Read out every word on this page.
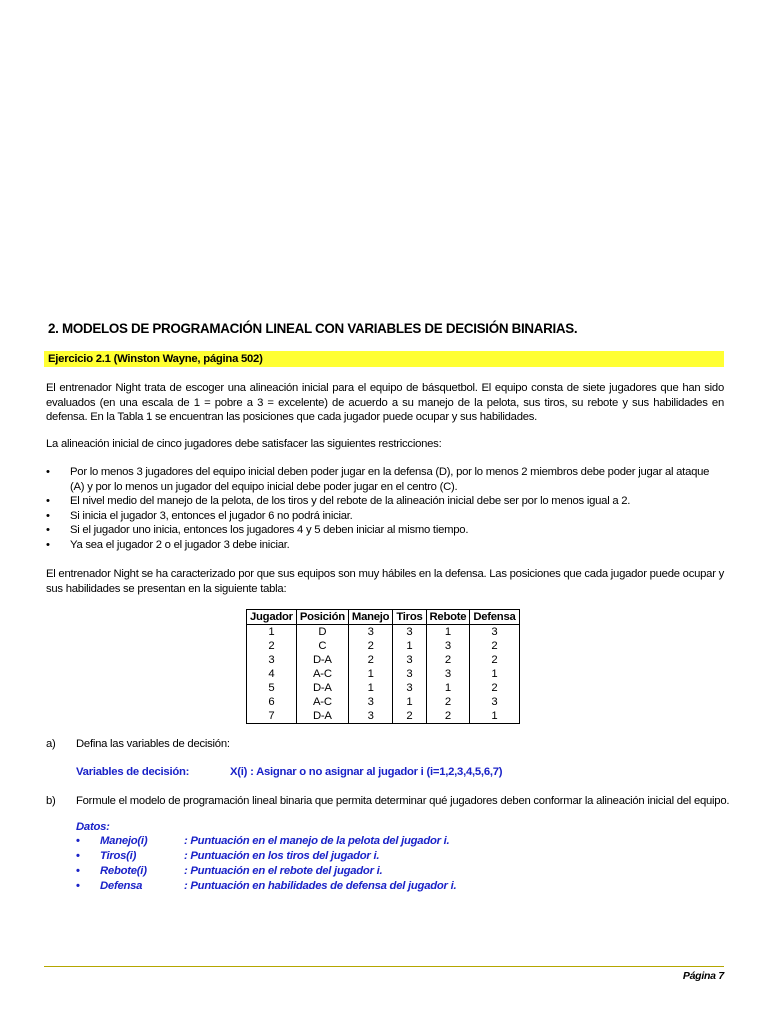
2. MODELOS DE PROGRAMACIÓN LINEAL CON VARIABLES DE DECISIÓN BINARIAS.

Ejercicio 2.1 (Winston Wayne, página 502)

El entrenador Night trata de escoger una alineación inicial para el equipo de básquetbol. El equipo consta de siete jugadores que han sido evaluados (en una escala de 1 = pobre a 3 = excelente) de acuerdo a su manejo de la pelota, sus tiros, su rebote y sus habilidades en defensa. En la Tabla 1 se encuentran las posiciones que cada jugador puede ocupar y sus habilidades.

La alineación inicial de cinco jugadores debe satisfacer las siguientes restricciones:

• Por lo menos 3 jugadores del equipo inicial deben poder jugar en la defensa (D), por lo menos 2 miembros debe poder jugar al ataque (A) y por lo menos un jugador del equipo inicial debe poder jugar en el centro (C).
• El nivel medio del manejo de la pelota, de los tiros y del rebote de la alineación inicial debe ser por lo menos igual a 2.
• Si inicia el jugador 3, entonces el jugador 6 no podrá iniciar.
• Si el jugador uno inicia, entonces los jugadores 4 y 5 deben iniciar al mismo tiempo.
• Ya sea el jugador 2 o el jugador 3 debe iniciar.

El entrenador Night se ha caracterizado por que sus equipos son muy hábiles en la defensa. Las posiciones que cada jugador puede ocupar y sus habilidades se presentan en la siguiente tabla:

Jugador	Posición	Manejo	Tiros	Rebote	Defensa
1	D	3	3	1	3
2	C	2	1	3	2
3	D-A	2	3	2	2
4	A-C	1	3	3	1
5	D-A	1	3	1	2
6	A-C	3	1	2	3
7	D-A	3	2	2	1
a) Defina las variables de decisión:
Variables de decisión:	X(i) : Asignar o no asignar al jugador i (i=1,2,3,4,5,6,7)
b) Formule el modelo de programación lineal binaria que permita determinar qué jugadores deben conformar la alineación inicial del equipo.
Datos:
• Manejo(i)	: Puntuación en el manejo de la pelota del jugador i.
• Tiros(i)	: Puntuación en los tiros del jugador i.
• Rebote(i)	: Puntuación en el rebote del jugador i.
• Defensa	: Puntuación en habilidades de defensa del jugador i.
Página 7
